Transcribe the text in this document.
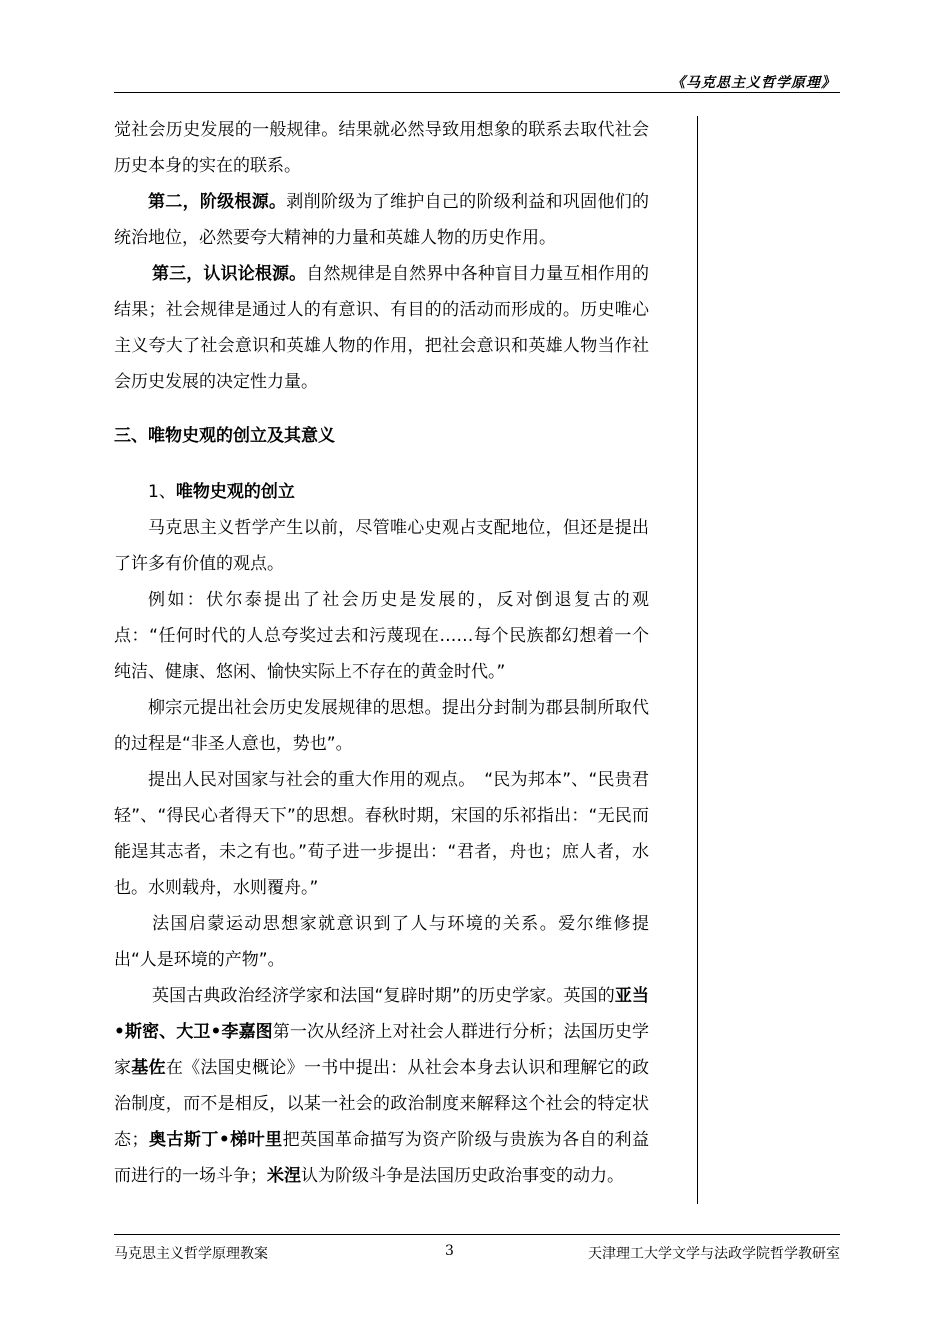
《马克思主义哲学原理》

觉社会历史发展的一般规律。结果就必然导致用想象的联系去取代社会历史本身的实在的联系。

第二，阶级根源。剥削阶级为了维护自己的阶级利益和巩固他们的统治地位，必然要夸大精神的力量和英雄人物的历史作用。

第三，认识论根源。自然规律是自然界中各种盲目力量互相作用的结果；社会规律是通过人的有意识、有目的的活动而形成的。历史唯心主义夸大了社会意识和英雄人物的作用，把社会意识和英雄人物当作社会历史发展的决定性力量。

三、唯物史观的创立及其意义

1、唯物史观的创立

马克思主义哲学产生以前，尽管唯心史观占支配地位，但还是提出了许多有价值的观点。

例如：伏尔泰提出了社会历史是发展的，反对倒退复古的观点：“任何时代的人总夸奖过去和污蔑现在……每个民族都幻想着一个纯洁、健康、悠闲、愉快实际上不存在的黄金时代。”

柳宗元提出社会历史发展规律的思想。提出分封制为郡县制所取代的过程是“非圣人意也，势也”。

提出人民对国家与社会的重大作用的观点。　“民为邦本”、“民贵君轻”、“得民心者得天下”的思想。春秋时期，宋国的乐祁指出：“无民而能逞其志者，未之有也。”荀子进一步提出：“君者，舟也；庶人者，水也。水则载舟，水则覆舟。”

法国启蒙运动思想家就意识到了人与环境的关系。爱尔维修提出“人是环境的产物”。

英国古典政治经济学家和法国“复辟时期”的历史学家。英国的亚当•斯密、大卫•李嘉图第一次从经济上对社会人群进行分析；法国历史学家基佐在《法国史概论》一书中提出：从社会本身去认识和理解它的政治制度，而不是相反，以某一社会的政治制度来解释这个社会的特定状态；奥古斯丁•梯叶里把英国革命描写为资产阶级与贵族为各自的利益而进行的一场斗争；米涅认为阶级斗争是法国历史政治事变的动力。

马克思主义哲学原理教案	3	天津理工大学文学与法政学院哲学教研室
